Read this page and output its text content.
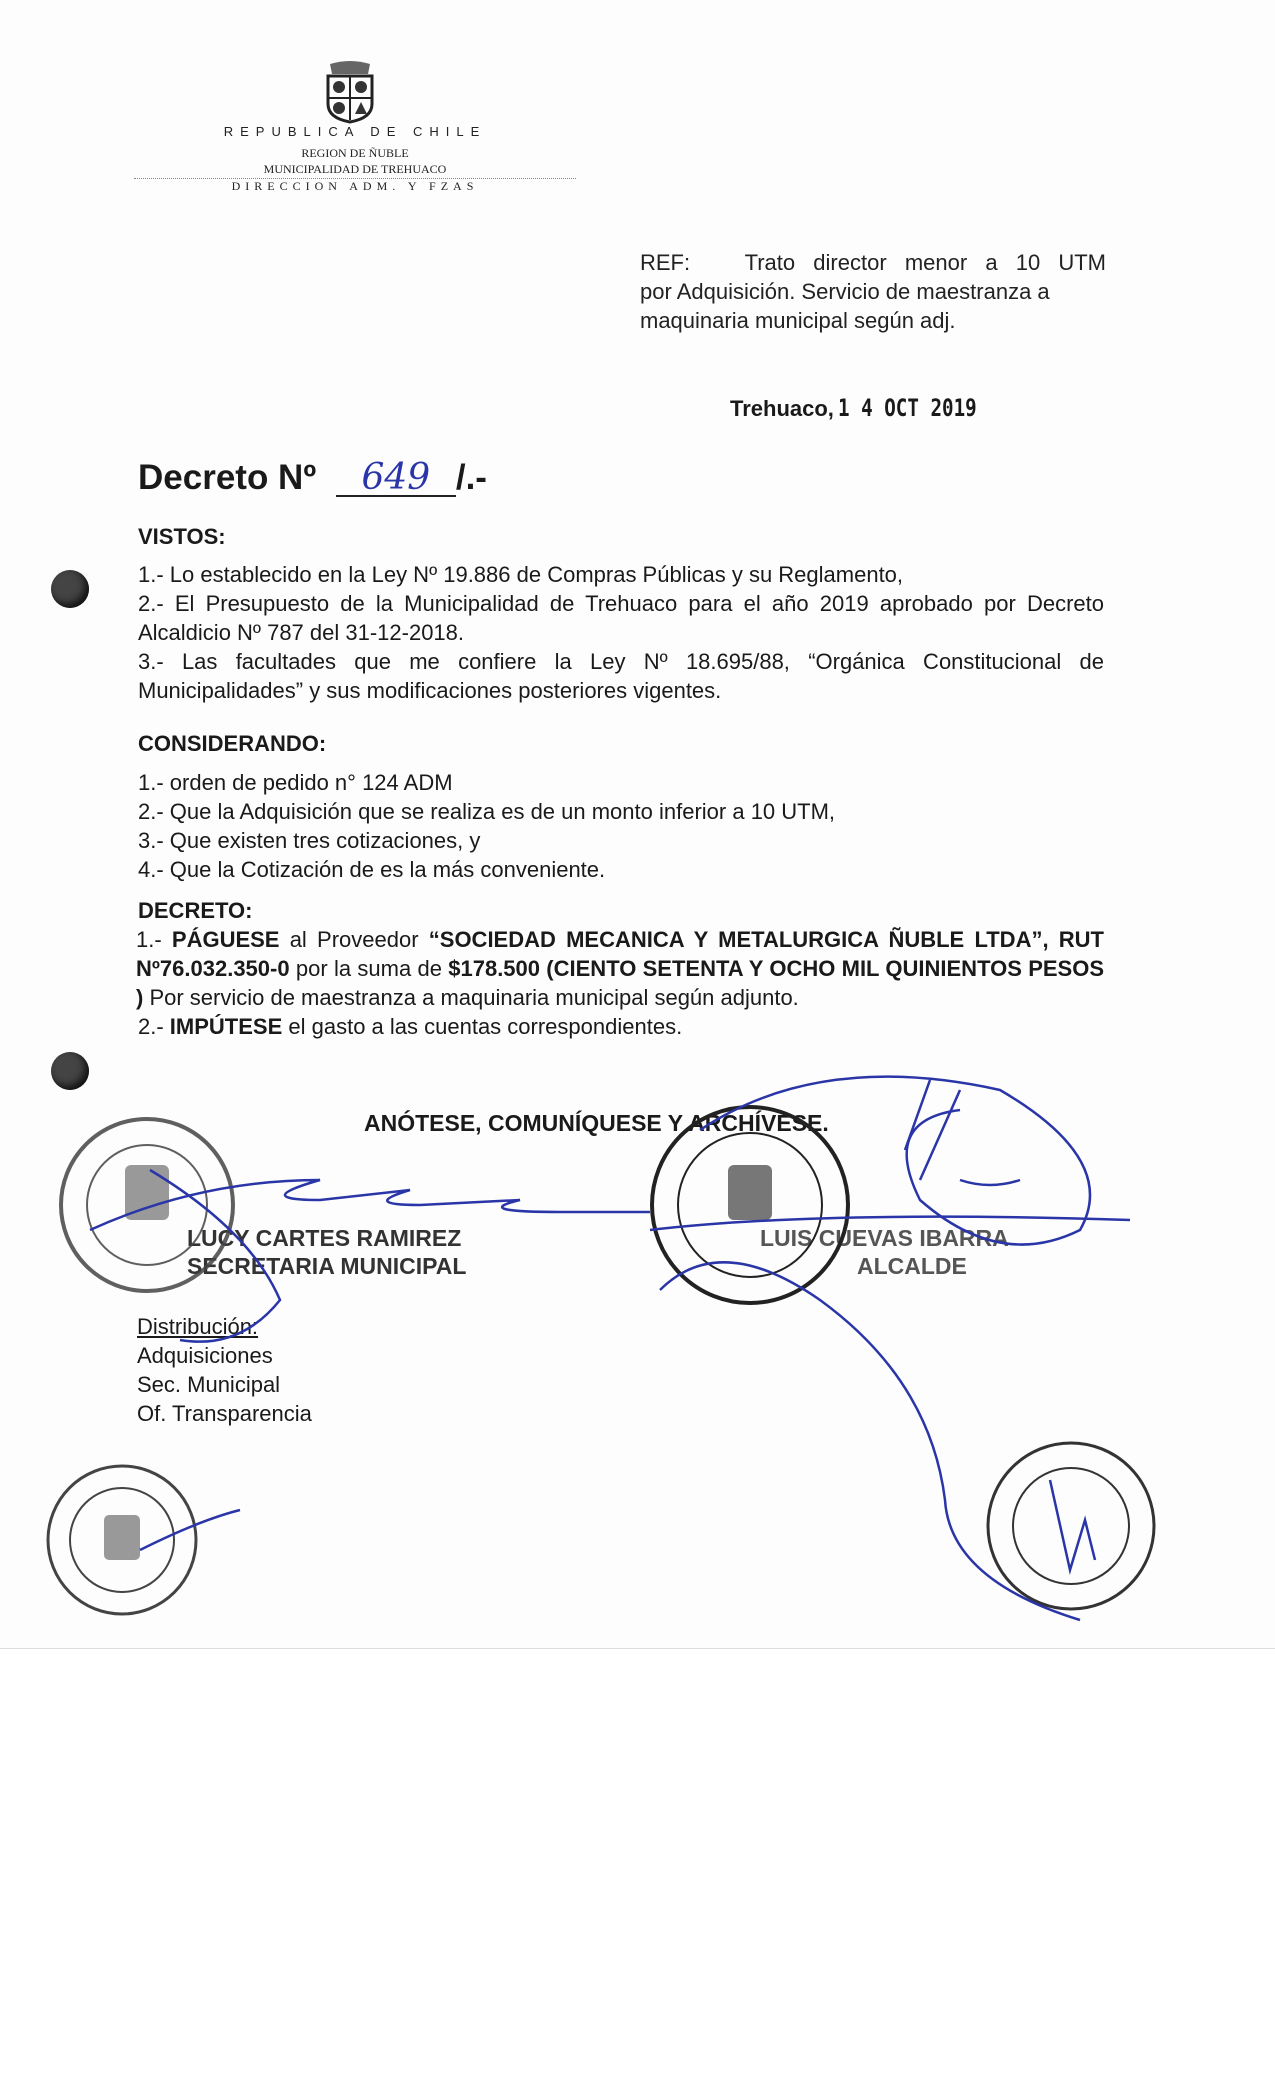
REPUBLICA DE CHILE
REGION DE ÑUBLE
MUNICIPALIDAD DE TREHUACO
DIRECCION ADM. Y FZAS
REF: Trato director menor a 10 UTM
por Adquisición. Servicio de maestranza a
maquinaria municipal según adj.
Trehuaco, 1 4 OCT 2019
Decreto Nº 649 /.-
VISTOS:
1.- Lo establecido en la Ley Nº 19.886 de Compras Públicas y su Reglamento,
2.- El Presupuesto de la Municipalidad de Trehuaco para el año 2019 aprobado por Decreto Alcaldicio Nº 787 del 31-12-2018.
3.- Las facultades que me confiere la Ley Nº 18.695/88, “Orgánica Constitucional de Municipalidades” y sus modificaciones posteriores vigentes.
CONSIDERANDO:
1.- orden de pedido n° 124 ADM
2.- Que la Adquisición que se realiza es de un monto inferior a 10 UTM,
3.- Que existen tres cotizaciones, y
4.- Que la Cotización de es la más conveniente.
DECRETO:
1.- PÁGUESE al Proveedor “SOCIEDAD MECANICA Y METALURGICA ÑUBLE LTDA”, RUT Nº76.032.350-0 por la suma de $178.500 (CIENTO SETENTA Y OCHO MIL QUINIENTOS PESOS ) Por servicio de maestranza a maquinaria municipal según adjunto.
2.- IMPÚTESE el gasto a las cuentas correspondientes.
ANÓTESE, COMUNÍQUESE Y ARCHÍVESE.
LUCY CARTES RAMIREZ
SECRETARIA MUNICIPAL
LUIS CUEVAS IBARRA
ALCALDE
Distribución:
Adquisiciones
Sec. Municipal
Of. Transparencia
